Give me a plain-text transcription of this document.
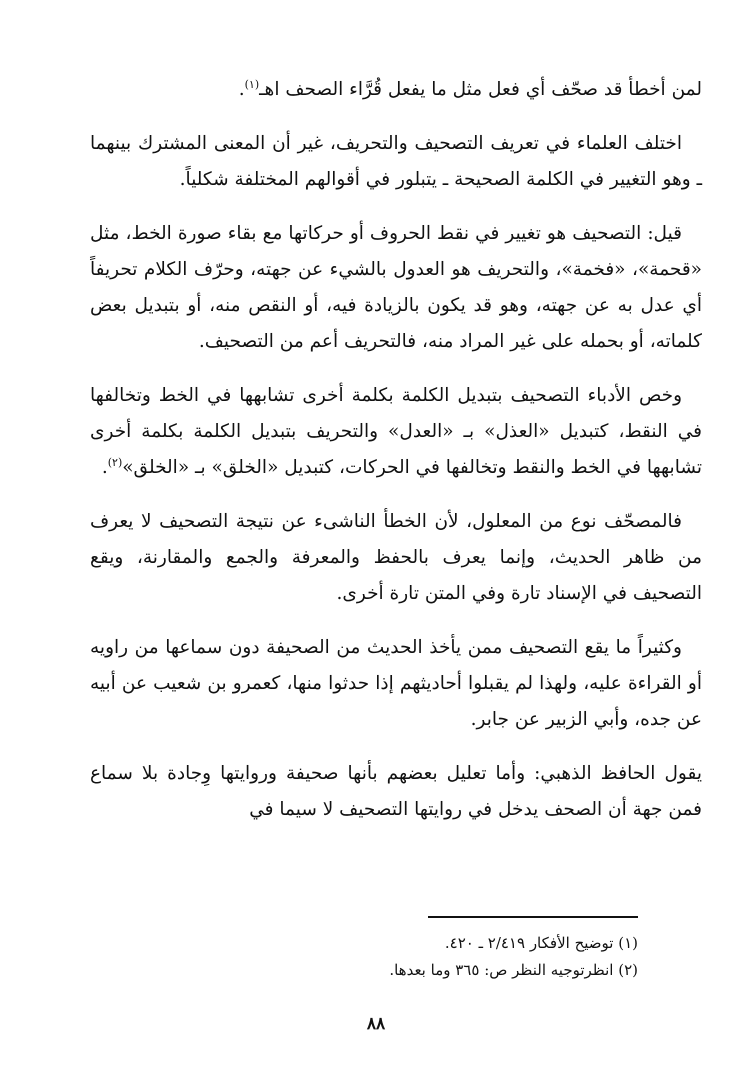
لمن أخطأ قد صحّف أي فعل مثل ما يفعل قُرَّاء الصحف اهـ$^{(١)}$.

اختلف العلماء في تعريف التصحيف والتحريف، غير أن المعنى المشترك بينهما ـ وهو التغيير في الكلمة الصحيحة ـ يتبلور في أقوالهم المختلفة شكلياً.

قيل: التصحيف هو تغيير في نقط الحروف أو حركاتها مع بقاء صورة الخط، مثل «قحمة»، «فخمة»، والتحريف هو العدول بالشيء عن جهته، وحرّف الكلام تحريفاً أي عدل به عن جهته، وهو قد يكون بالزيادة فيه، أو النقص منه، أو بتبديل بعض كلماته، أو بحمله على غير المراد منه، فالتحريف أعم من التصحيف.

وخص الأدباء التصحيف بتبديل الكلمة بكلمة أخرى تشابهها في الخط وتخالفها في النقط، كتبديل «العذل» بـ «العدل» والتحريف بتبديل الكلمة بكلمة أخرى تشابهها في الخط والنقط وتخالفها في الحركات، كتبديل «الخلق» بـ «الخلق»$^{(٢)}$.

فالمصحّف نوع من المعلول، لأن الخطأ الناشىء عن نتيجة التصحيف لا يعرف من ظاهر الحديث، وإنما يعرف بالحفظ والمعرفة والجمع والمقارنة، ويقع التصحيف في الإسناد تارة وفي المتن تارة أخرى.

وكثيراً ما يقع التصحيف ممن يأخذ الحديث من الصحيفة دون سماعها من راويه أو القراءة عليه، ولهذا لم يقبلوا أحاديثهم إذا حدثوا منها، كعمرو بن شعيب عن أبيه عن جده، وأبي الزبير عن جابر.

يقول الحافظ الذهبي: وأما تعليل بعضهم بأنها صحيفة وروايتها وِجادة بلا سماع فمن جهة أن الصحف يدخل في روايتها التصحيف لا سيما في

(١) توضيح الأفكار ٢/٤١٩ ـ ٤٢٠.
(٢) انظرتوجيه النظر ص: ٣٦٥ وما بعدها.
٨٨
